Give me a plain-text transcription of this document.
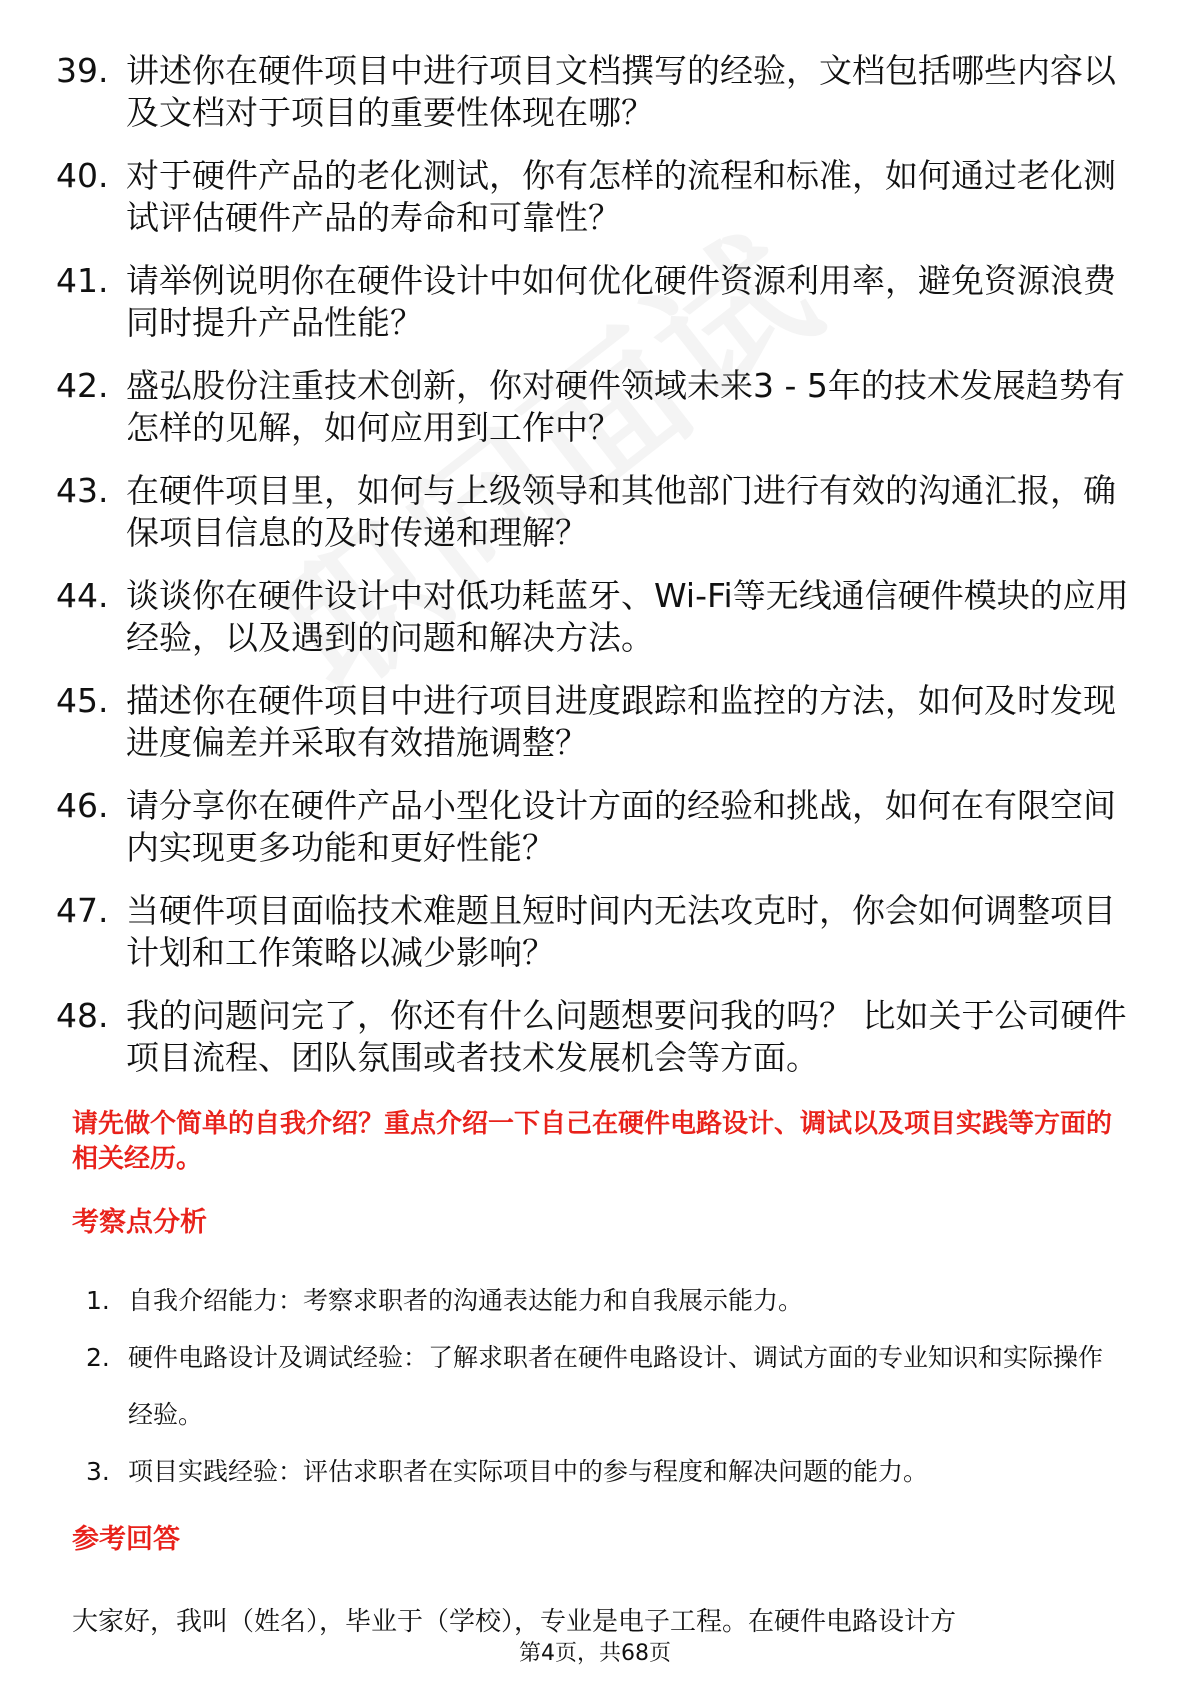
39. 讲述你在硬件项目中进行项目文档撰写的经验，文档包括哪些内容以及文档对于项目的重要性体现在哪？
40. 对于硬件产品的老化测试，你有怎样的流程和标准，如何通过老化测试评估硬件产品的寿命和可靠性？
41. 请举例说明你在硬件设计中如何优化硬件资源利用率，避免资源浪费同时提升产品性能？
42. 盛弘股份注重技术创新，你对硬件领域未来3 - 5年的技术发展趋势有怎样的见解，如何应用到工作中？
43. 在硬件项目里，如何与上级领导和其他部门进行有效的沟通汇报，确保项目信息的及时传递和理解？
44. 谈谈你在硬件设计中对低功耗蓝牙、Wi-Fi等无线通信硬件模块的应用经验，以及遇到的问题和解决方法。
45. 描述你在硬件项目中进行项目进度跟踪和监控的方法，如何及时发现进度偏差并采取有效措施调整？
46. 请分享你在硬件产品小型化设计方面的经验和挑战，如何在有限空间内实现更多功能和更好性能？
47. 当硬件项目面临技术难题且短时间内无法攻克时，你会如何调整项目计划和工作策略以减少影响？
48. 我的问题问完了，你还有什么问题想要问我的吗？ 比如关于公司硬件项目流程、团队氛围或者技术发展机会等方面。

请先做个简单的自我介绍？重点介绍一下自己在硬件电路设计、调试以及项目实践等方面的相关经历。

考察点分析

1. 自我介绍能力：考察求职者的沟通表达能力和自我展示能力。
2. 硬件电路设计及调试经验：了解求职者在硬件电路设计、调试方面的专业知识和实际操作经验。
3. 项目实践经验：评估求职者在实际项目中的参与程度和解决问题的能力。

参考回答

大家好，我叫（姓名），毕业于（学校），专业是电子工程。在硬件电路设计方

第4页，共68页
